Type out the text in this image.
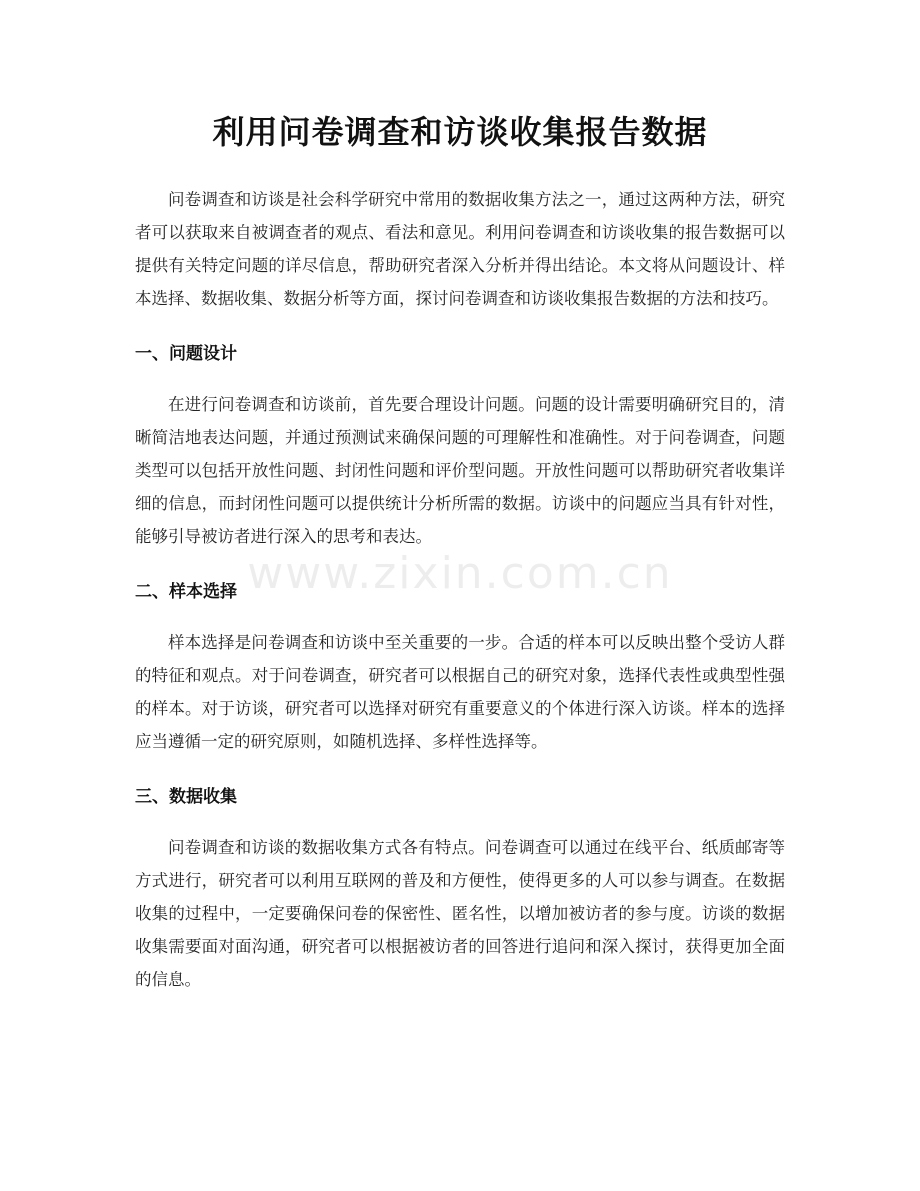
利用问卷调查和访谈收集报告数据

问卷调查和访谈是社会科学研究中常用的数据收集方法之一，通过这两种方法，研究者可以获取来自被调查者的观点、看法和意见。利用问卷调查和访谈收集的报告数据可以提供有关特定问题的详尽信息，帮助研究者深入分析并得出结论。本文将从问题设计、样本选择、数据收集、数据分析等方面，探讨问卷调查和访谈收集报告数据的方法和技巧。

一、问题设计

在进行问卷调查和访谈前，首先要合理设计问题。问题的设计需要明确研究目的，清晰简洁地表达问题，并通过预测试来确保问题的可理解性和准确性。对于问卷调查，问题类型可以包括开放性问题、封闭性问题和评价型问题。开放性问题可以帮助研究者收集详细的信息，而封闭性问题可以提供统计分析所需的数据。访谈中的问题应当具有针对性，能够引导被访者进行深入的思考和表达。

二、样本选择

样本选择是问卷调查和访谈中至关重要的一步。合适的样本可以反映出整个受访人群的特征和观点。对于问卷调查，研究者可以根据自己的研究对象，选择代表性或典型性强的样本。对于访谈，研究者可以选择对研究有重要意义的个体进行深入访谈。样本的选择应当遵循一定的研究原则，如随机选择、多样性选择等。

三、数据收集

问卷调查和访谈的数据收集方式各有特点。问卷调查可以通过在线平台、纸质邮寄等方式进行，研究者可以利用互联网的普及和方便性，使得更多的人可以参与调查。在数据收集的过程中，一定要确保问卷的保密性、匿名性，以增加被访者的参与度。访谈的数据收集需要面对面沟通，研究者可以根据被访者的回答进行追问和深入探讨，获得更加全面的信息。

www.zixin.com.cn
